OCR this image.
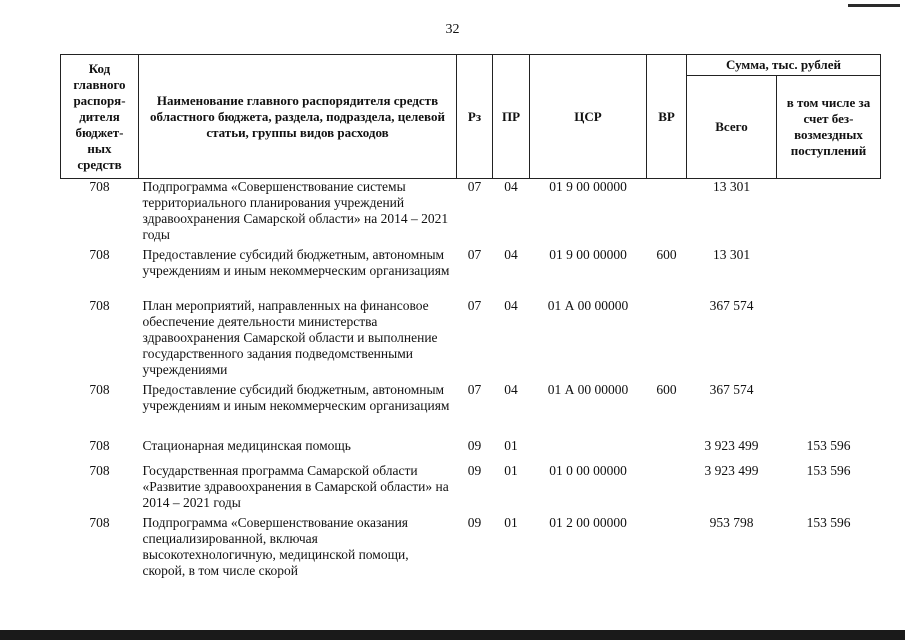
32
Код главного распоря-дителя бюджет-ных средств	Наименование главного распорядителя средств областного бюджета, раздела, подраздела, целевой статьи, группы видов расходов	Рз	ПР	ЦСР	ВР	Сумма, тыс. рублей	
						Всего	в том числе за счет без-возмездных поступлений
708	Подпрограмма «Совершенствование системы территориального планирования учреждений здравоохранения Самарской области» на 2014 – 2021 годы	07	04	01 9 00 00000		13 301	
708	Предоставление субсидий бюджетным, автономным учреждениям и иным некоммерческим организациям	07	04	01 9 00 00000	600	13 301	
708	План мероприятий, направленных на финансовое обеспечение деятельности министерства здравоохранения Самарской области и выполнение государственного задания подведомственными учреждениями	07	04	01 А 00 00000		367 574	
708	Предоставление субсидий бюджетным, автономным учреждениям и иным некоммерческим организациям	07	04	01 А 00 00000	600	367 574	
708	Стационарная медицинская помощь	09	01			3 923 499	153 596
708	Государственная программа Самарской области «Развитие здравоохранения в Самарской области» на 2014 – 2021 годы	09	01	01 0 00 00000		3 923 499	153 596
708	Подпрограмма «Совершенствование оказания специализированной, включая высокотехнологичную, медицинской помощи, скорой, в том числе скорой	09	01	01 2 00 00000		953 798	153 596
